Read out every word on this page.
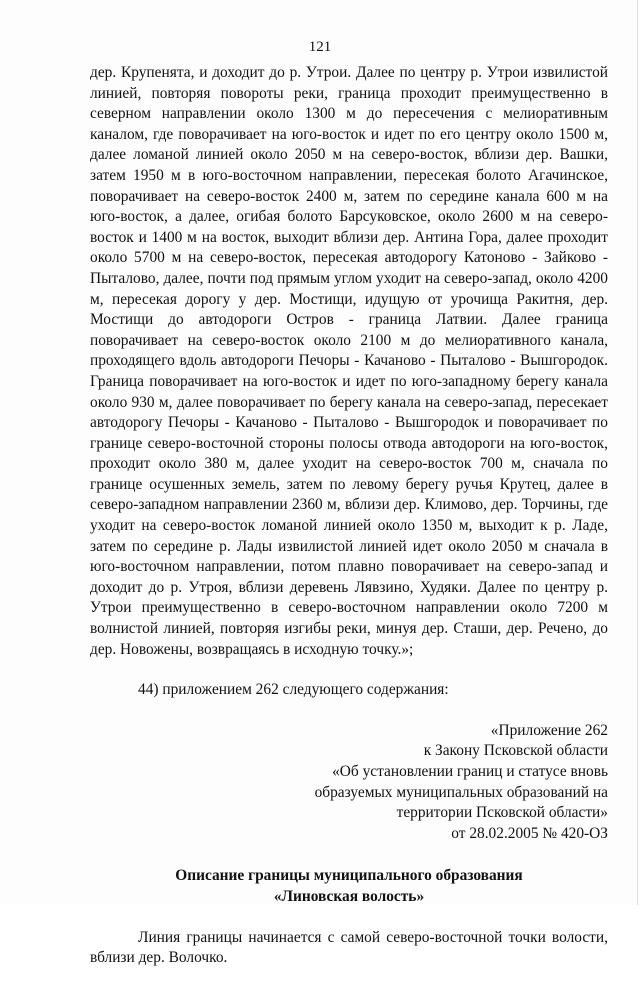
121

дер. Крупенята, и доходит до р. Утрои. Далее по центру р. Утрои извилистой линией, повторяя повороты реки, граница проходит преимущественно в северном направлении около 1300 м до пересечения с мелиоративным каналом, где поворачивает на юго-восток и идет по его центру около 1500 м, далее ломаной линией около 2050 м на северо-восток, вблизи дер. Вашки, затем 1950 м в юго-восточном направлении, пересекая болото Агачинское, поворачивает на северо-восток 2400 м, затем по середине канала 600 м на юго-восток, а далее, огибая болото Барсуковское, около 2600 м на северо-восток и 1400 м на восток, выходит вблизи дер. Антина Гора, далее проходит около 5700 м на северо-восток, пересекая автодорогу Катоново - Зайково - Пыталово, далее, почти под прямым углом уходит на северо-запад, около 4200 м, пересекая дорогу у дер. Мостищи, идущую от урочища Ракитня, дер. Мостищи до автодороги Остров - граница Латвии. Далее граница поворачивает на северо-восток около 2100 м до мелиоративного канала, проходящего вдоль автодороги Печоры - Качаново - Пыталово - Вышгородок. Граница поворачивает на юго-восток и идет по юго-западному берегу канала около 930 м, далее поворачивает по берегу канала на северо-запад, пересекает автодорогу Печоры - Качаново - Пыталово - Вышгородок и поворачивает по границе северо-восточной стороны полосы отвода автодороги на юго-восток, проходит около 380 м, далее уходит на северо-восток 700 м, сначала по границе осушенных земель, затем по левому берегу ручья Крутец, далее в северо-западном направлении 2360 м, вблизи дер. Климово, дер. Торчины, где уходит на северо-восток ломаной линией около 1350 м, выходит к р. Ладе, затем по середине р. Лады извилистой линией идет около 2050 м сначала в юго-восточном направлении, потом плавно поворачивает на северо-запад и доходит до р. Утроя, вблизи деревень Лявзино, Худяки. Далее по центру р. Утрои преимущественно в северо-восточном направлении около 7200 м волнистой линией, повторяя изгибы реки, минуя дер. Сташи, дер. Речено, до дер. Новожены, возвращаясь в исходную точку.»;

44) приложением 262 следующего содержания:

«Приложение 262
к Закону Псковской области
«Об установлении границ и статусе вновь
образуемых муниципальных образований на
территории Псковской области»
от 28.02.2005 № 420-ОЗ
Описание границы муниципального образования
«Линовская волость»

Линия границы начинается с самой северо-восточной точки волости, вблизи дер. Волочко.
